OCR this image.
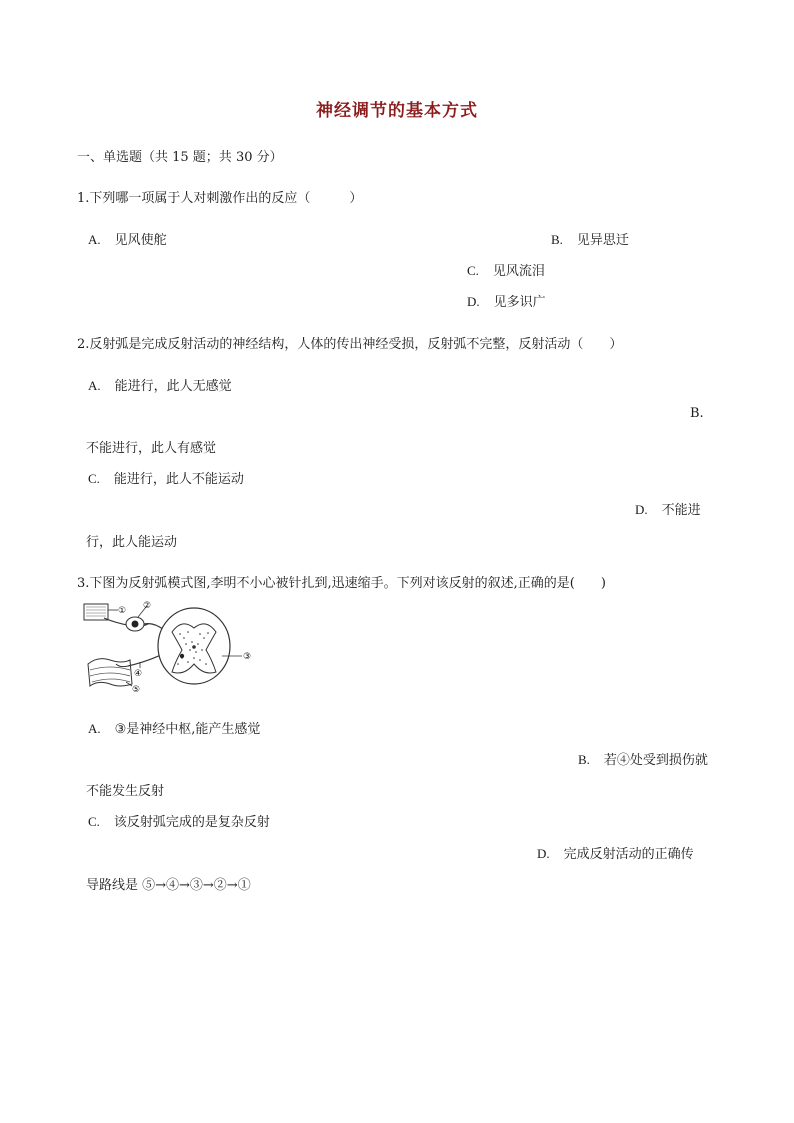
神经调节的基本方式
一、单选题（共 15 题；共 30 分）
1.下列哪一项属于人对刺激作出的反应（　　　）
A. 见风使舵	B. 见异思迁
C. 见风流泪
D. 见多识广
2.反射弧是完成反射活动的神经结构，人体的传出神经受损，反射弧不完整，反射活动（　　）
A. 能进行，此人无感觉
B.
不能进行，此人有感觉
C. 能进行，此人不能运动
D. 不能进
行，此人能运动
3.下图为反射弧模式图,李明不小心被针扎到,迅速缩手。下列对该反射的叙述,正确的是(　　)
① ②
③
④
⑤
A. ③是神经中枢,能产生感觉
B. 若④处受到损伤就
不能发生反射
C. 该反射弧完成的是复杂反射
D. 完成反射活动的正确传
导路线是 ⑤→④→③→②→①
